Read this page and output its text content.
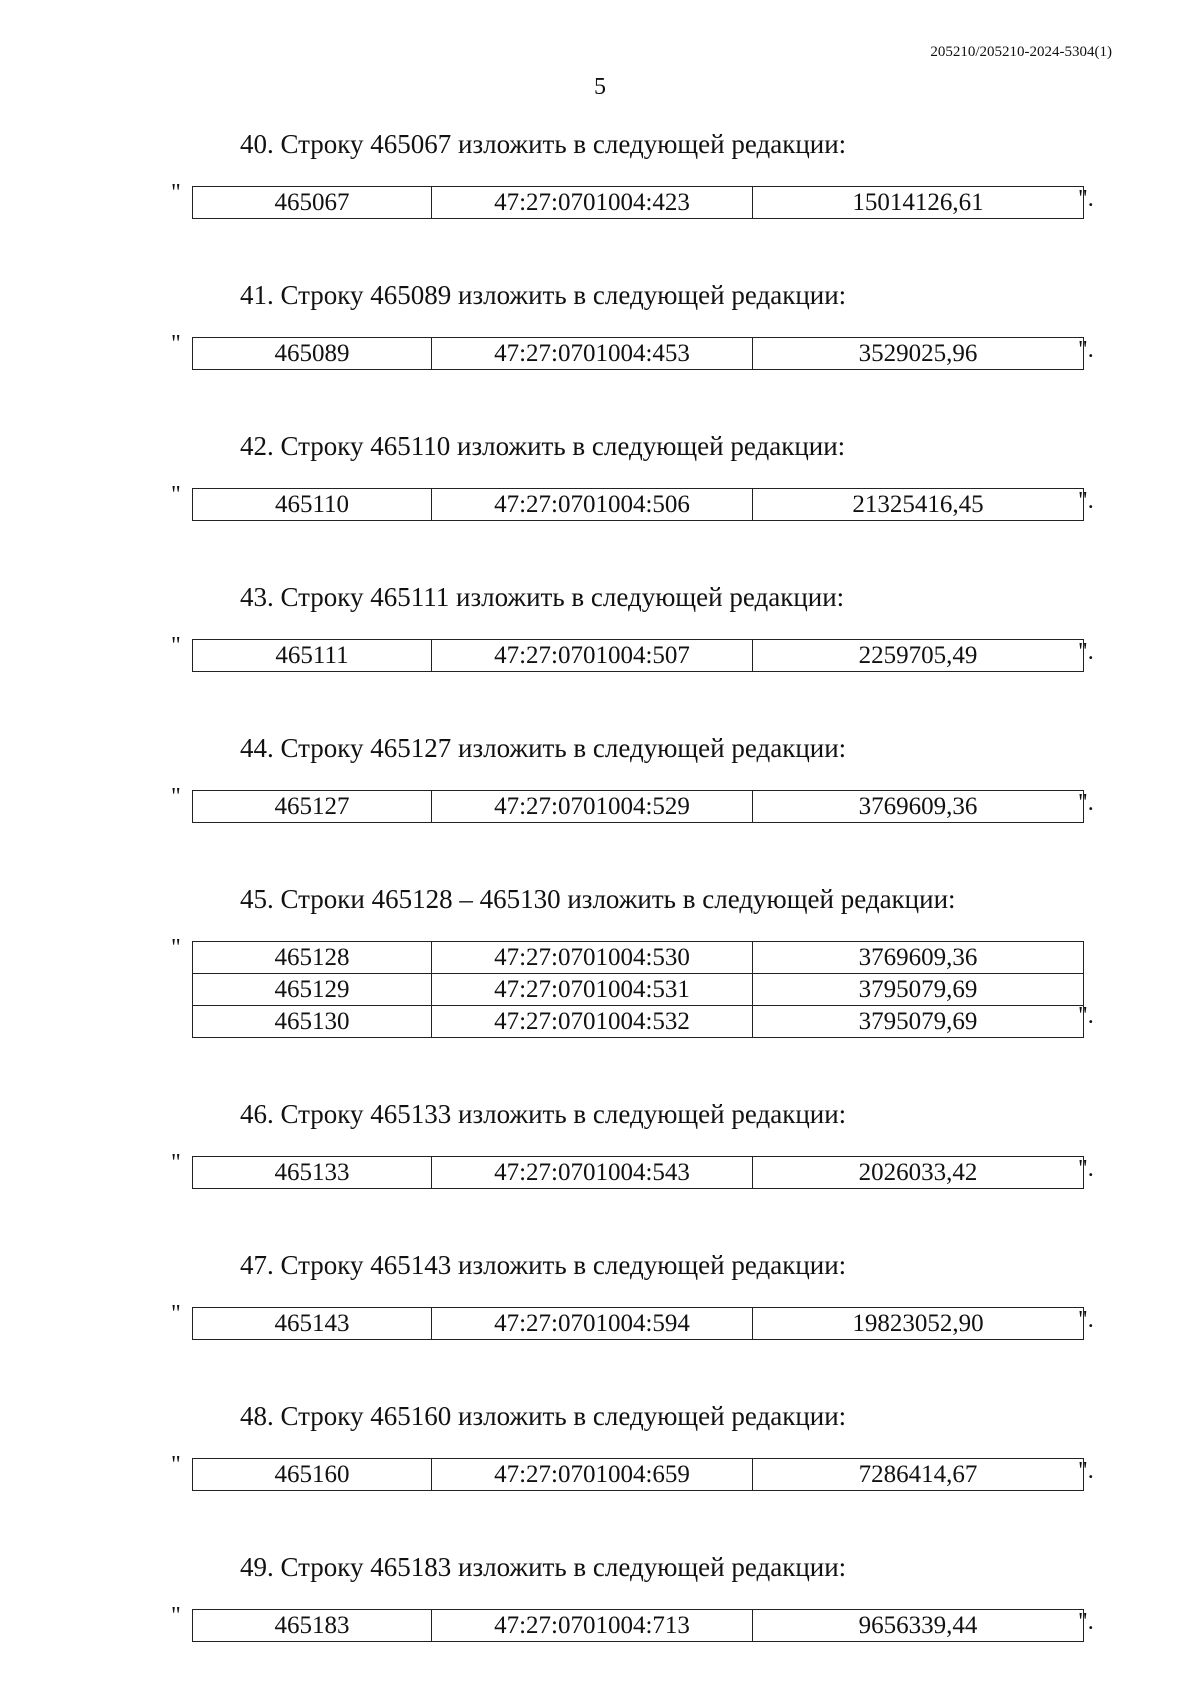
205210/205210-2024-5304(1)
5
40. Строку 465067 изложить в следующей редакции:
"	465067	47:27:0701004:423	15014126,61	".
41. Строку 465089 изложить в следующей редакции:
"	465089	47:27:0701004:453	3529025,96	".
42. Строку 465110 изложить в следующей редакции:
"	465110	47:27:0701004:506	21325416,45	".
43. Строку 465111 изложить в следующей редакции:
"	465111	47:27:0701004:507	2259705,49	".
44. Строку 465127 изложить в следующей редакции:
"	465127	47:27:0701004:529	3769609,36	".
45. Строки 465128 – 465130 изложить в следующей редакции:
"	465128	47:27:0701004:530	3769609,36
465129	47:27:0701004:531	3795079,69
465130	47:27:0701004:532	3795079,69	".
46. Строку 465133 изложить в следующей редакции:
"	465133	47:27:0701004:543	2026033,42	".
47. Строку 465143 изложить в следующей редакции:
"	465143	47:27:0701004:594	19823052,90	".
48. Строку 465160 изложить в следующей редакции:
"	465160	47:27:0701004:659	7286414,67	".
49. Строку 465183 изложить в следующей редакции:
"	465183	47:27:0701004:713	9656339,44	".
